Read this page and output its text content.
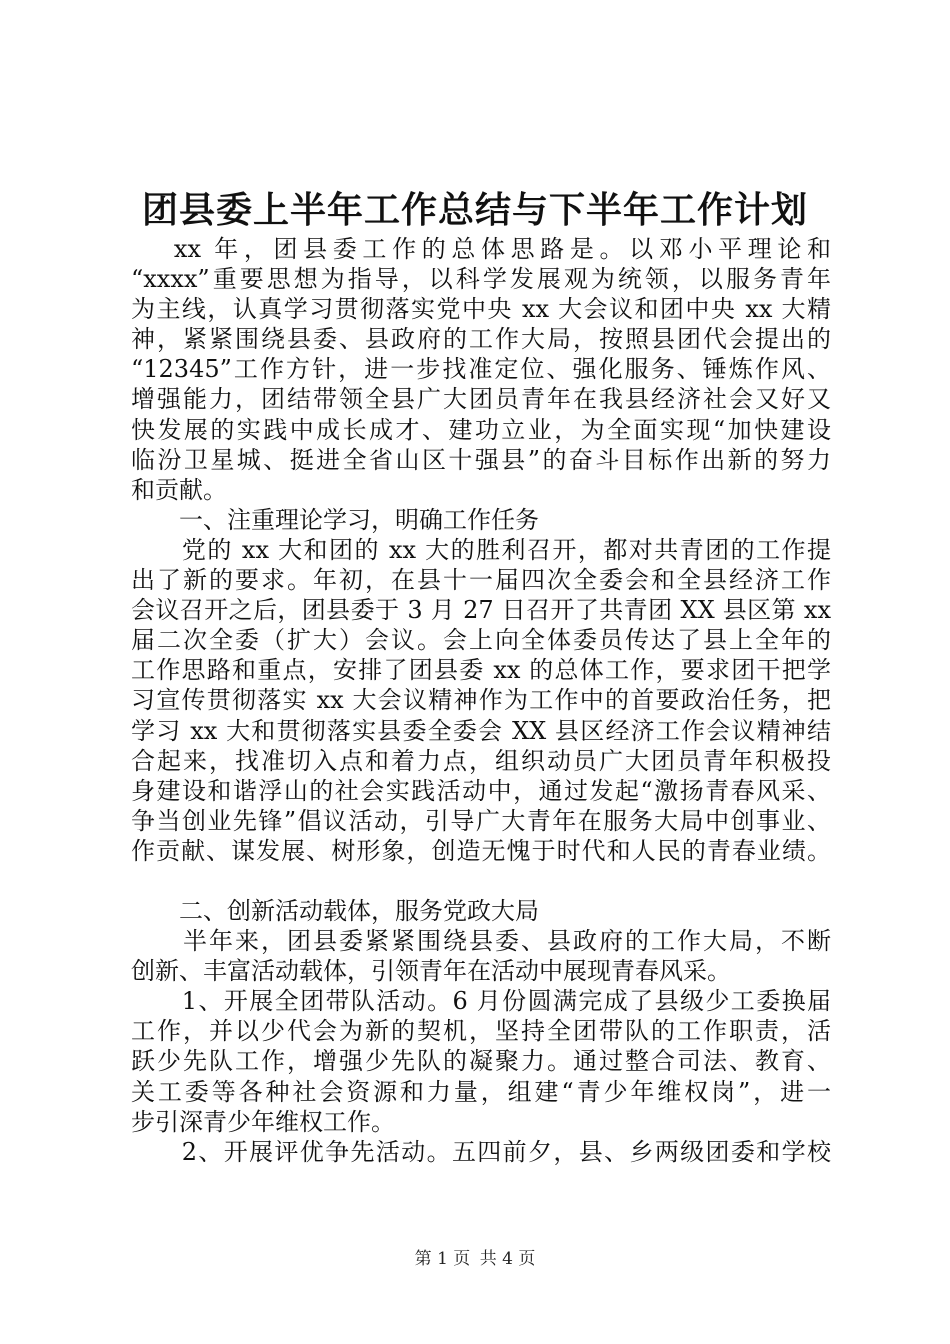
团县委上半年工作总结与下半年工作计划
　 xx 年，团县委工作的总体思路是。以邓小平理论和
“xxxx”重要思想为指导，以科学发展观为统领，以服务青年
为主线，认真学习贯彻落实党中央 xx 大会议和团中央 xx 大精
神，紧紧围绕县委、县政府的工作大局，按照县团代会提出的
“12345”工作方针，进一步找准定位、强化服务、锤炼作风、
增强能力，团结带领全县广大团员青年在我县经济社会又好又
快发展的实践中成长成才、建功立业，为全面实现“加快建设
临汾卫星城、挺进全省山区十强县”的奋斗目标作出新的努力
和贡献。
　　一、注重理论学习，明确工作任务
　　党的 xx 大和团的 xx 大的胜利召开，都对共青团的工作提
出了新的要求。年初，在县十一届四次全委会和全县经济工作
会议召开之后，团县委于 3 月 27 日召开了共青团 XX 县区第 xx
届二次全委（扩大）会议。会上向全体委员传达了县上全年的
工作思路和重点，安排了团县委 xx 的总体工作，要求团干把学
习宣传贯彻落实 xx 大会议精神作为工作中的首要政治任务，把
学习 xx 大和贯彻落实县委全委会 XX 县区经济工作会议精神结
合起来，找准切入点和着力点，组织动员广大团员青年积极投
身建设和谐浮山的社会实践活动中，通过发起“激扬青春风采、
争当创业先锋”倡议活动，引导广大青年在服务大局中创事业、
作贡献、谋发展、树形象，创造无愧于时代和人民的青春业绩。
　　二、创新活动载体，服务党政大局
　　半年来，团县委紧紧围绕县委、县政府的工作大局，不断
创新、丰富活动载体，引领青年在活动中展现青春风采。
　　1、开展全团带队活动。6 月份圆满完成了县级少工委换届
工作，并以少代会为新的契机，坚持全团带队的工作职责，活
跃少先队工作，增强少先队的凝聚力。通过整合司法、教育、
关工委等各种社会资源和力量，组建“青少年维权岗”，进一
步引深青少年维权工作。
　　2、开展评优争先活动。五四前夕，县、乡两级团委和学校
第 1 页 共 4 页
